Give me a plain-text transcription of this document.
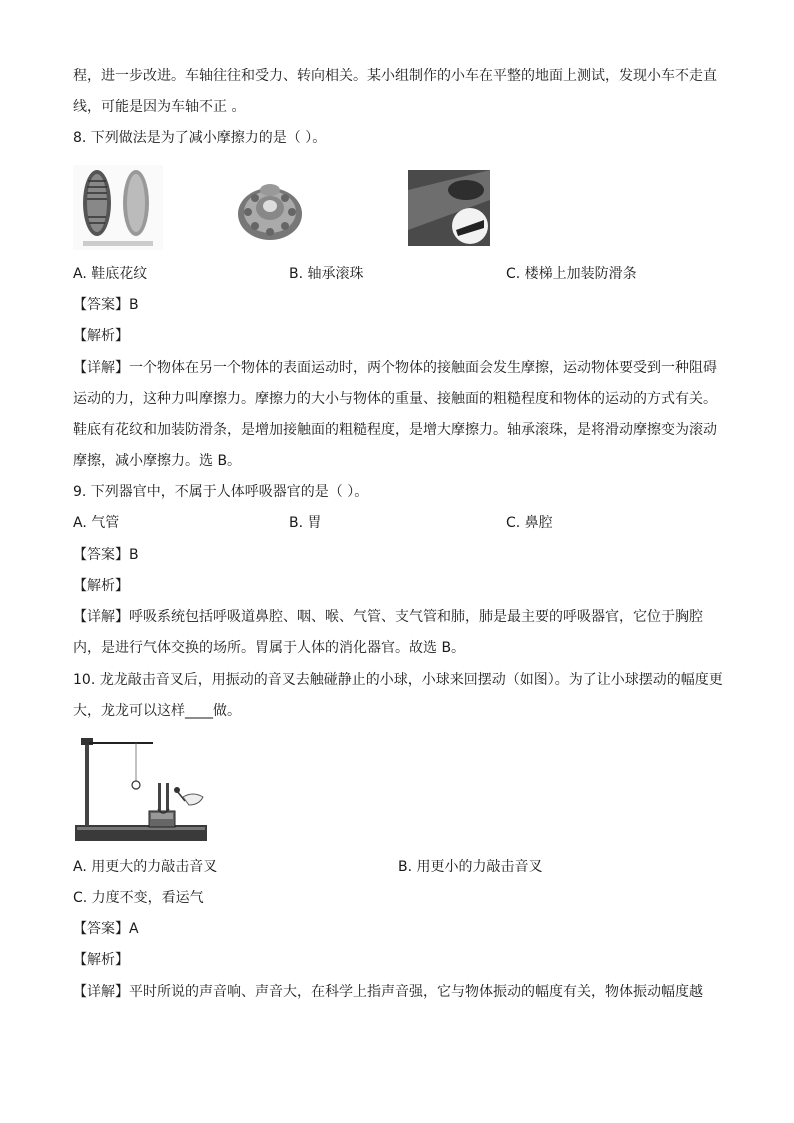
程，进一步改进。车轴往往和受力、转向相关。某小组制作的小车在平整的地面上测试，发现小车不走直
线，可能是因为车轴不正 。
8. 下列做法是为了减小摩擦力的是（ ）。
A. 鞋底花纹	B. 轴承滚珠	C. 楼梯上加装防滑条
【答案】B
【解析】
【详解】一个物体在另一个物体的表面运动时，两个物体的接触面会发生摩擦，运动物体要受到一种阻碍
运动的力，这种力叫摩擦力。摩擦力的大小与物体的重量、接触面的粗糙程度和物体的运动的方式有关。
鞋底有花纹和加装防滑条，是增加接触面的粗糙程度，是增大摩擦力。轴承滚珠，是将滑动摩擦变为滚动
摩擦，减小摩擦力。选 B。
9. 下列器官中，不属于人体呼吸器官的是（ ）。
A. 气管	B. 胃	C. 鼻腔
【答案】B
【解析】
【详解】呼吸系统包括呼吸道鼻腔、咽、喉、气管、支气管和肺，肺是最主要的呼吸器官，它位于胸腔
内，是进行气体交换的场所。胃属于人体的消化器官。故选 B。
10. 龙龙敲击音叉后，用振动的音叉去触碰静止的小球，小球来回摆动（如图）。为了让小球摆动的幅度更
大，龙龙可以这样____做。
A. 用更大的力敲击音叉	B. 用更小的力敲击音叉
C. 力度不变，看运气
【答案】A
【解析】
【详解】平时所说的声音响、声音大，在科学上指声音强，它与物体振动的幅度有关，物体振动幅度越
